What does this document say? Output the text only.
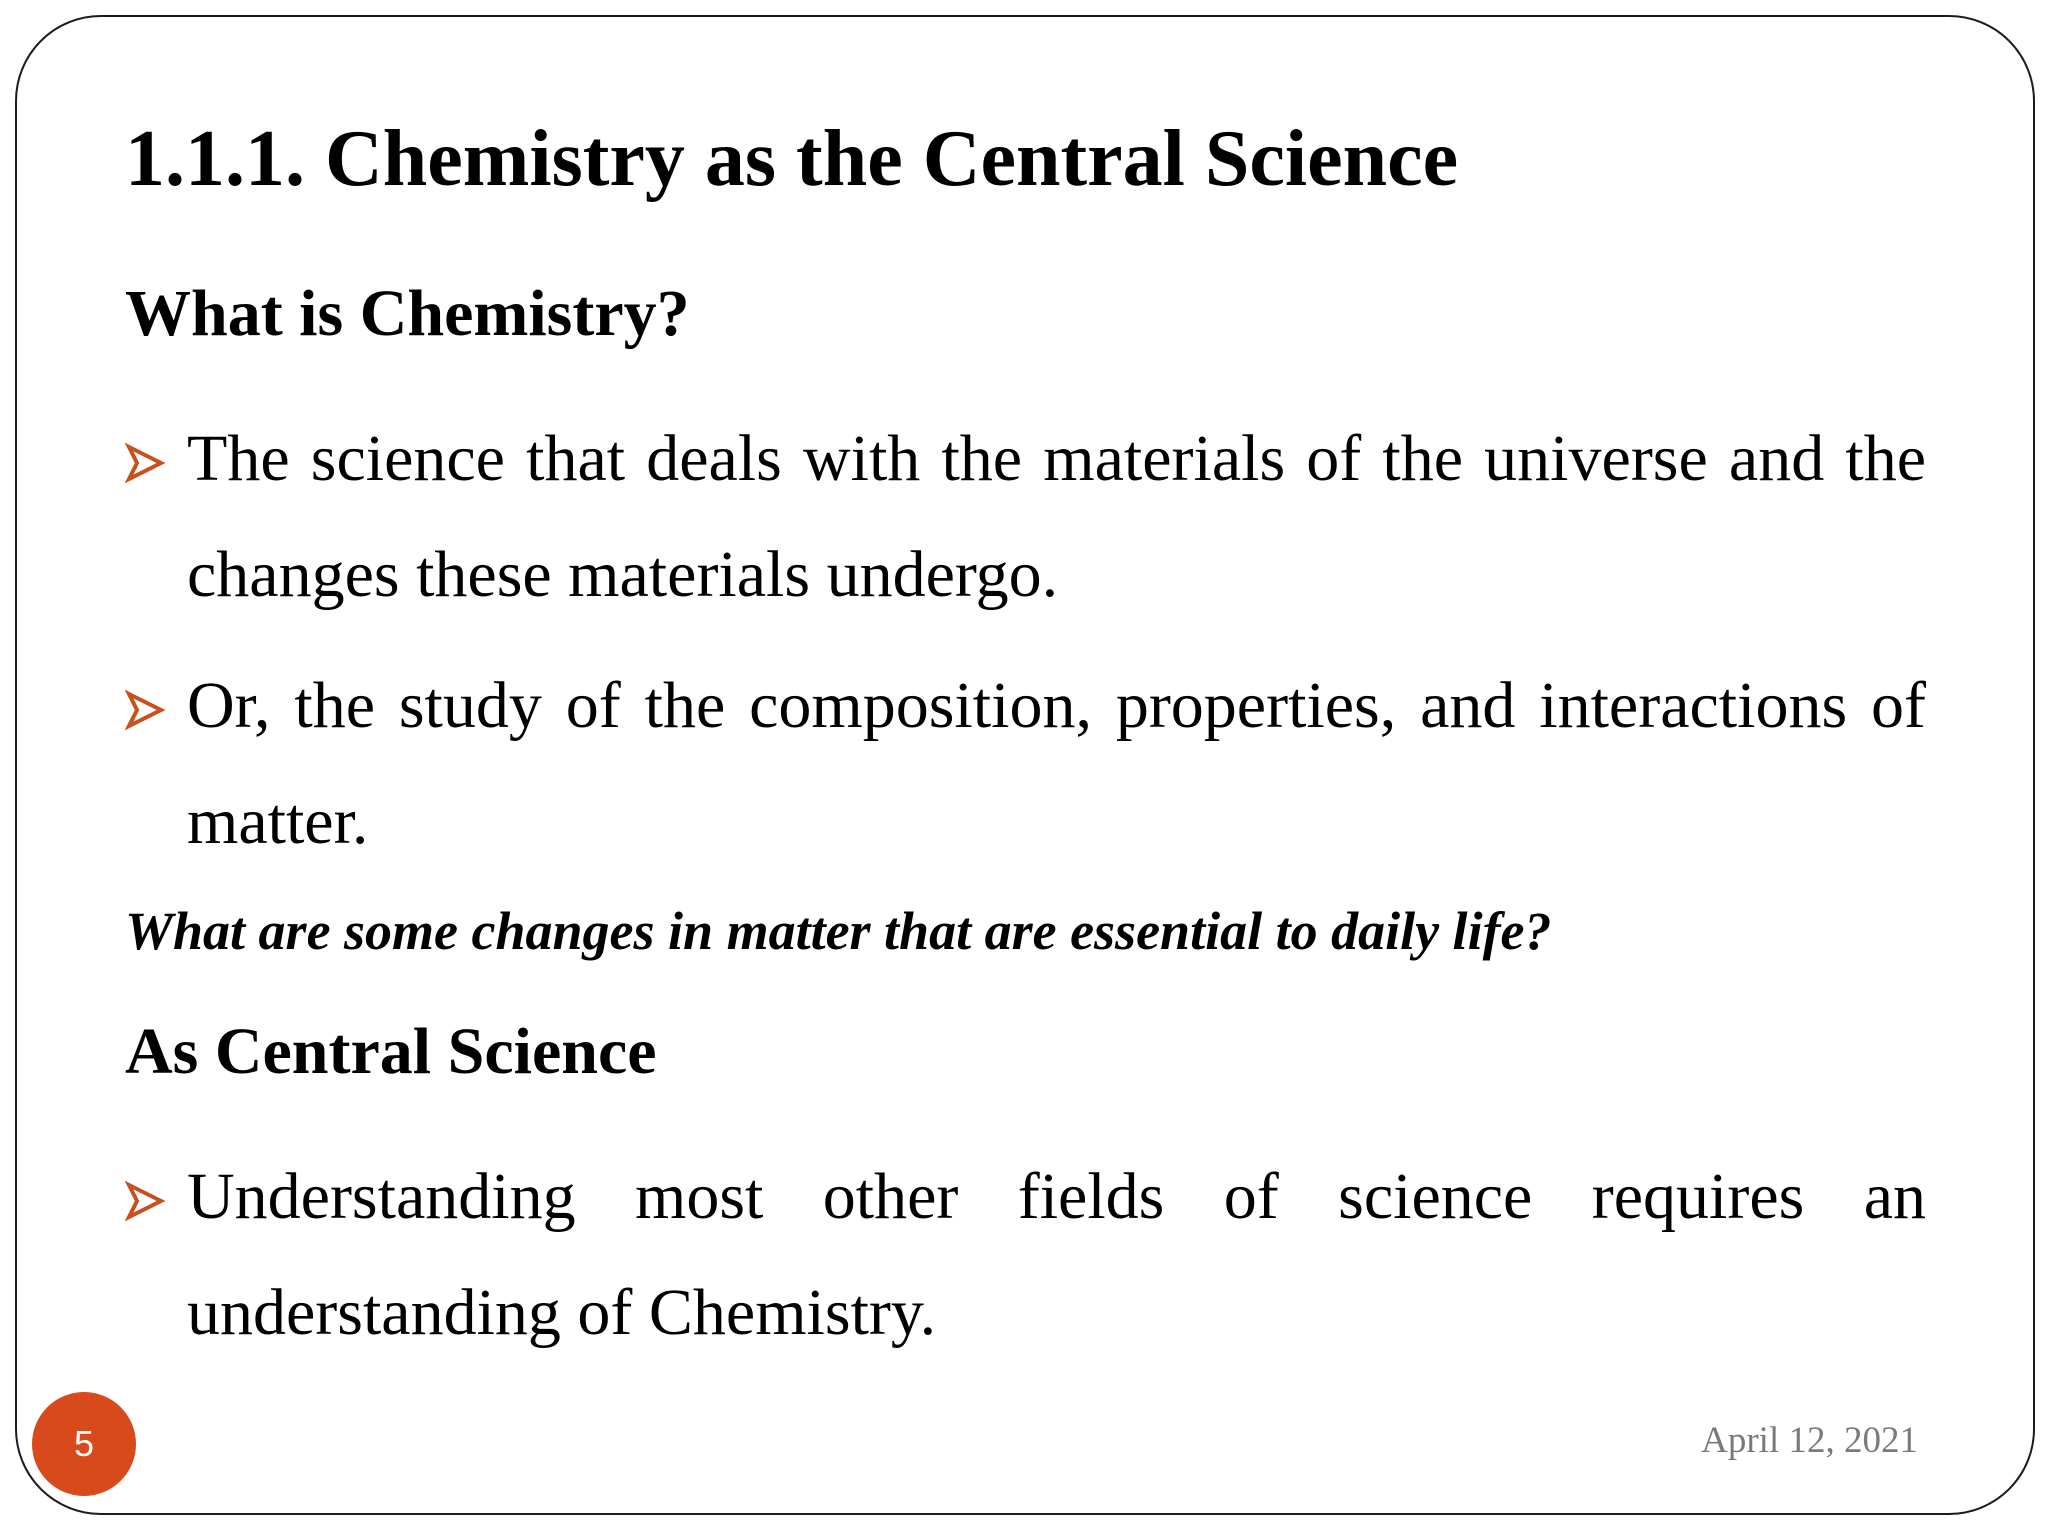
1.1.1. Chemistry as the Central Science
What is Chemistry?

The science that deals with the materials of the universe and the changes these materials undergo.

Or, the study of the composition, properties, and interactions of matter.

What are some changes in matter that are essential to daily life?

As Central Science

Understanding most other fields of science requires an understanding of Chemistry.

5	April 12, 2021
